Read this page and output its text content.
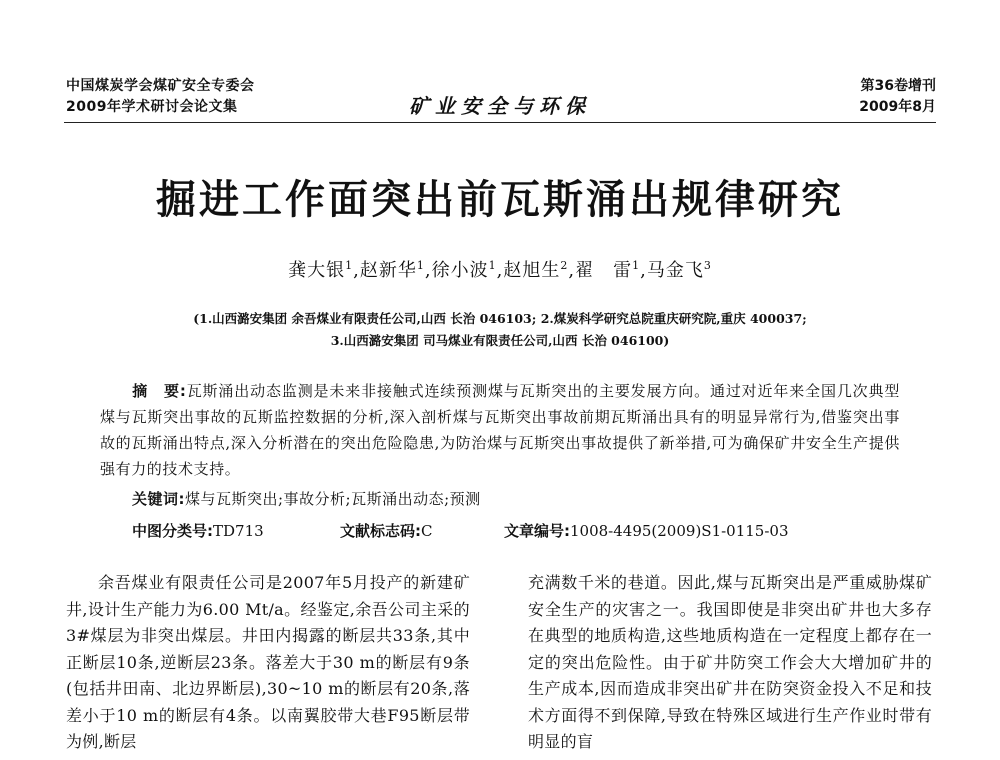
中国煤炭学会煤矿安全专委会
2009年学术研讨会论文集	矿业安全与环保
第36卷增刊
2009年8月
掘进工作面突出前瓦斯涌出规律研究
龚大银$^1$,赵新华$^1$,徐小波$^1$,赵旭生$^2$,翟　雷$^1$,马金飞$^3$
(1.山西潞安集团 余吾煤业有限责任公司,山西 长治 046103; 2.煤炭科学研究总院重庆研究院,重庆 400037;
3.山西潞安集团 司马煤业有限责任公司,山西 长治 046100)
摘　要:瓦斯涌出动态监测是未来非接触式连续预测煤与瓦斯突出的主要发展方向。通过对近年来全国几次典型煤与瓦斯突出事故的瓦斯监控数据的分析,深入剖析煤与瓦斯突出事故前期瓦斯涌出具有的明显异常行为,借鉴突出事故的瓦斯涌出特点,深入分析潜在的突出危险隐患,为防治煤与瓦斯突出事故提供了新举措,可为确保矿井安全生产提供强有力的技术支持。
关键词:煤与瓦斯突出;事故分析;瓦斯涌出动态;预测
中图分类号:TD713	文献标志码:C	文章编号:1008-4495(2009)S1-0115-03

余吾煤业有限责任公司是2007年5月投产的新建矿井,设计生产能力为6.00 Mt/a。经鉴定,余吾公司主采的3#煤层为非突出煤层。井田内揭露的断层共33条,其中正断层10条,逆断层23条。落差大于30 m的断层有9条(包括井田南、北边界断层),30~10 m的断层有20条,落差小于10 m的断层有4条。以南翼胶带大巷F95断层带为例,断层

充满数千米的巷道。因此,煤与瓦斯突出是严重威胁煤矿安全生产的灾害之一。我国即使是非突出矿井也大多存在典型的地质构造,这些地质构造在一定程度上都存在一定的突出危险性。由于矿井防突工作会大大增加矿井的生产成本,因而造成非突出矿井在防突资金投入不足和技术方面得不到保障,导致在特殊区域进行生产作业时带有明显的盲
